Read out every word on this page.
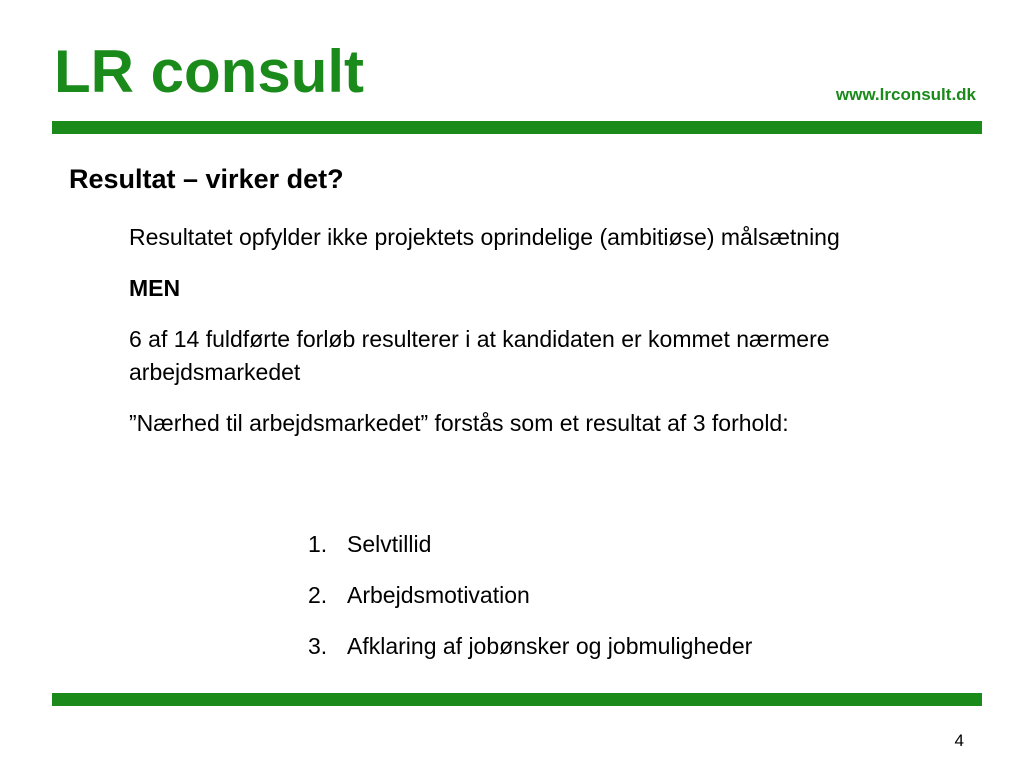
LR consult	www.lrconsult.dk
Resultat – virker det?

Resultatet opfylder ikke projektets oprindelige (ambitiøse) målsætning

MEN

6 af 14 fuldførte forløb resulterer i at kandidaten er kommet nærmere arbejdsmarkedet

”Nærhed til arbejdsmarkedet” forstås som et resultat af 3 forhold:

1. Selvtillid
2. Arbejdsmotivation
3. Afklaring af jobønsker og jobmuligheder
4
